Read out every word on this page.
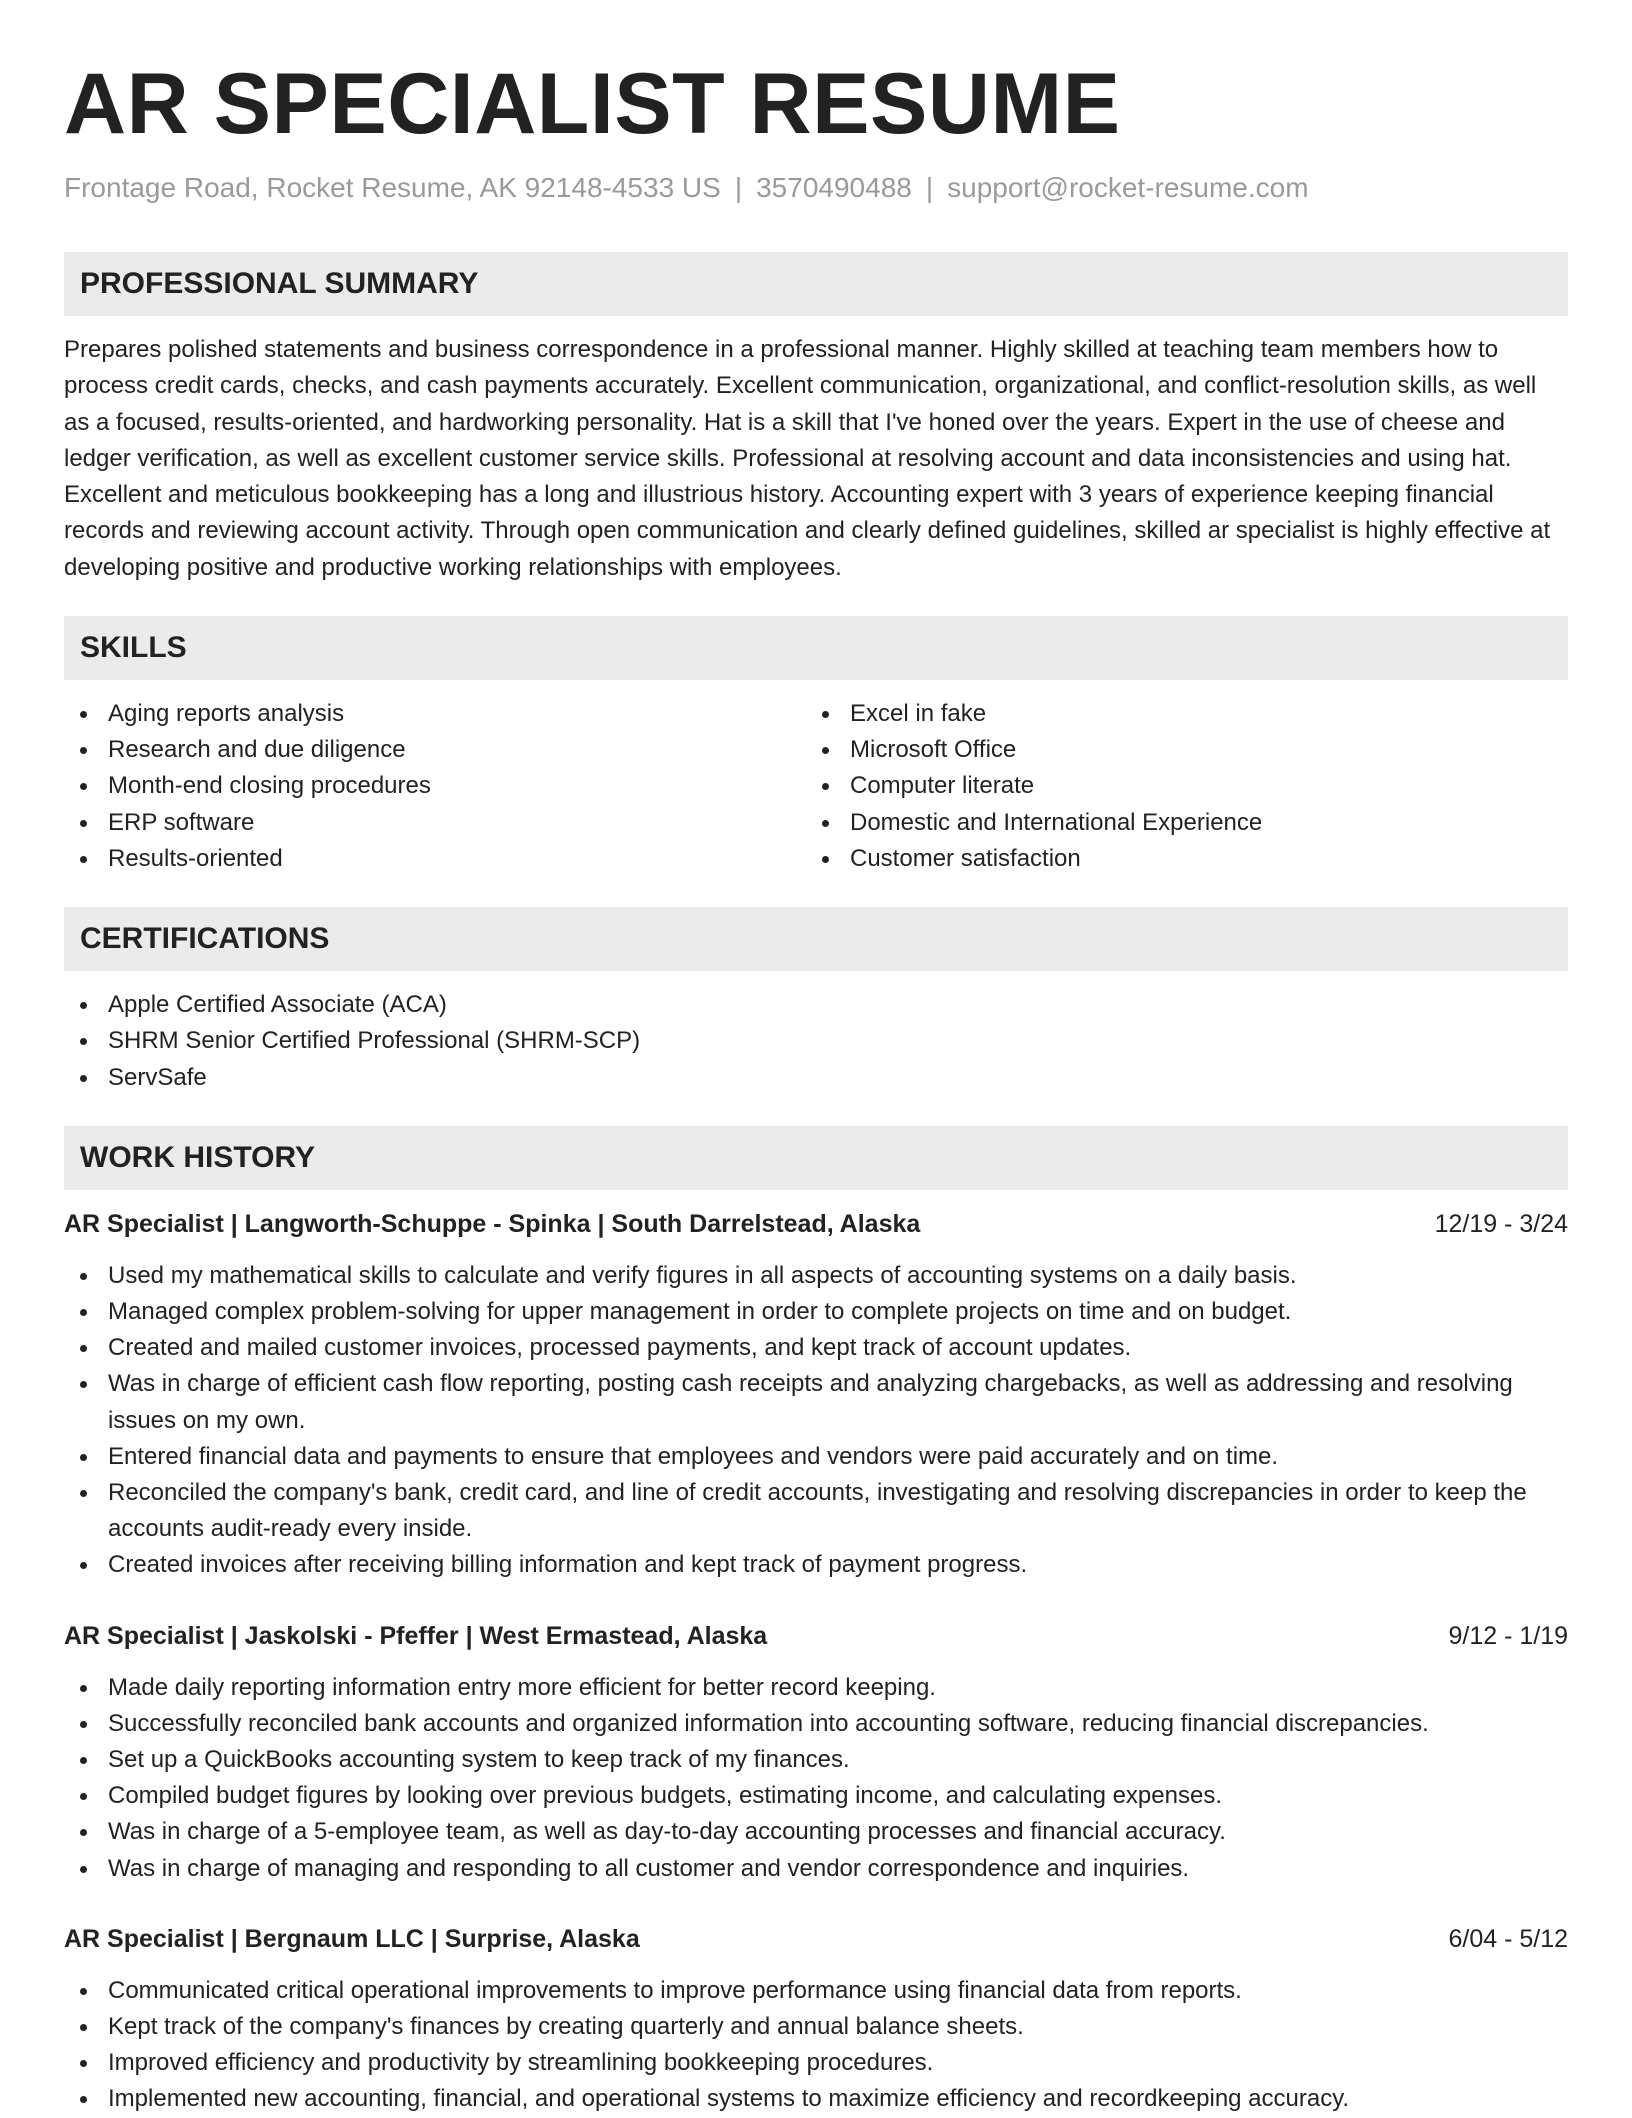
AR SPECIALIST RESUME
Frontage Road, Rocket Resume, AK 92148-4533 US | 3570490488 | support@rocket-resume.com
PROFESSIONAL SUMMARY

Prepares polished statements and business correspondence in a professional manner. Highly skilled at teaching team members how to process credit cards, checks, and cash payments accurately. Excellent communication, organizational, and conflict-resolution skills, as well as a focused, results-oriented, and hardworking personality. Hat is a skill that I've honed over the years. Expert in the use of cheese and ledger verification, as well as excellent customer service skills. Professional at resolving account and data inconsistencies and using hat. Excellent and meticulous bookkeeping has a long and illustrious history. Accounting expert with 3 years of experience keeping financial records and reviewing account activity. Through open communication and clearly defined guidelines, skilled ar specialist is highly effective at developing positive and productive working relationships with employees.

SKILLS
Aging reports analysis
Research and due diligence
Month-end closing procedures
ERP software
Results-oriented
Excel in fake
Microsoft Office
Computer literate
Domestic and International Experience
Customer satisfaction
CERTIFICATIONS
Apple Certified Associate (ACA)
SHRM Senior Certified Professional (SHRM-SCP)
ServSafe
WORK HISTORY
AR Specialist | Langworth-Schuppe - Spinka | South Darrelstead, Alaska	12/19 - 3/24
Used my mathematical skills to calculate and verify figures in all aspects of accounting systems on a daily basis.
Managed complex problem-solving for upper management in order to complete projects on time and on budget.
Created and mailed customer invoices, processed payments, and kept track of account updates.
Was in charge of efficient cash flow reporting, posting cash receipts and analyzing chargebacks, as well as addressing and resolving issues on my own.
Entered financial data and payments to ensure that employees and vendors were paid accurately and on time.
Reconciled the company's bank, credit card, and line of credit accounts, investigating and resolving discrepancies in order to keep the accounts audit-ready every inside.
Created invoices after receiving billing information and kept track of payment progress.
AR Specialist | Jaskolski - Pfeffer | West Ermastead, Alaska	9/12 - 1/19
Made daily reporting information entry more efficient for better record keeping.
Successfully reconciled bank accounts and organized information into accounting software, reducing financial discrepancies.
Set up a QuickBooks accounting system to keep track of my finances.
Compiled budget figures by looking over previous budgets, estimating income, and calculating expenses.
Was in charge of a 5-employee team, as well as day-to-day accounting processes and financial accuracy.
Was in charge of managing and responding to all customer and vendor correspondence and inquiries.
AR Specialist | Bergnaum LLC | Surprise, Alaska	6/04 - 5/12
Communicated critical operational improvements to improve performance using financial data from reports.
Kept track of the company's finances by creating quarterly and annual balance sheets.
Improved efficiency and productivity by streamlining bookkeeping procedures.
Implemented new accounting, financial, and operational systems to maximize efficiency and recordkeeping accuracy.
